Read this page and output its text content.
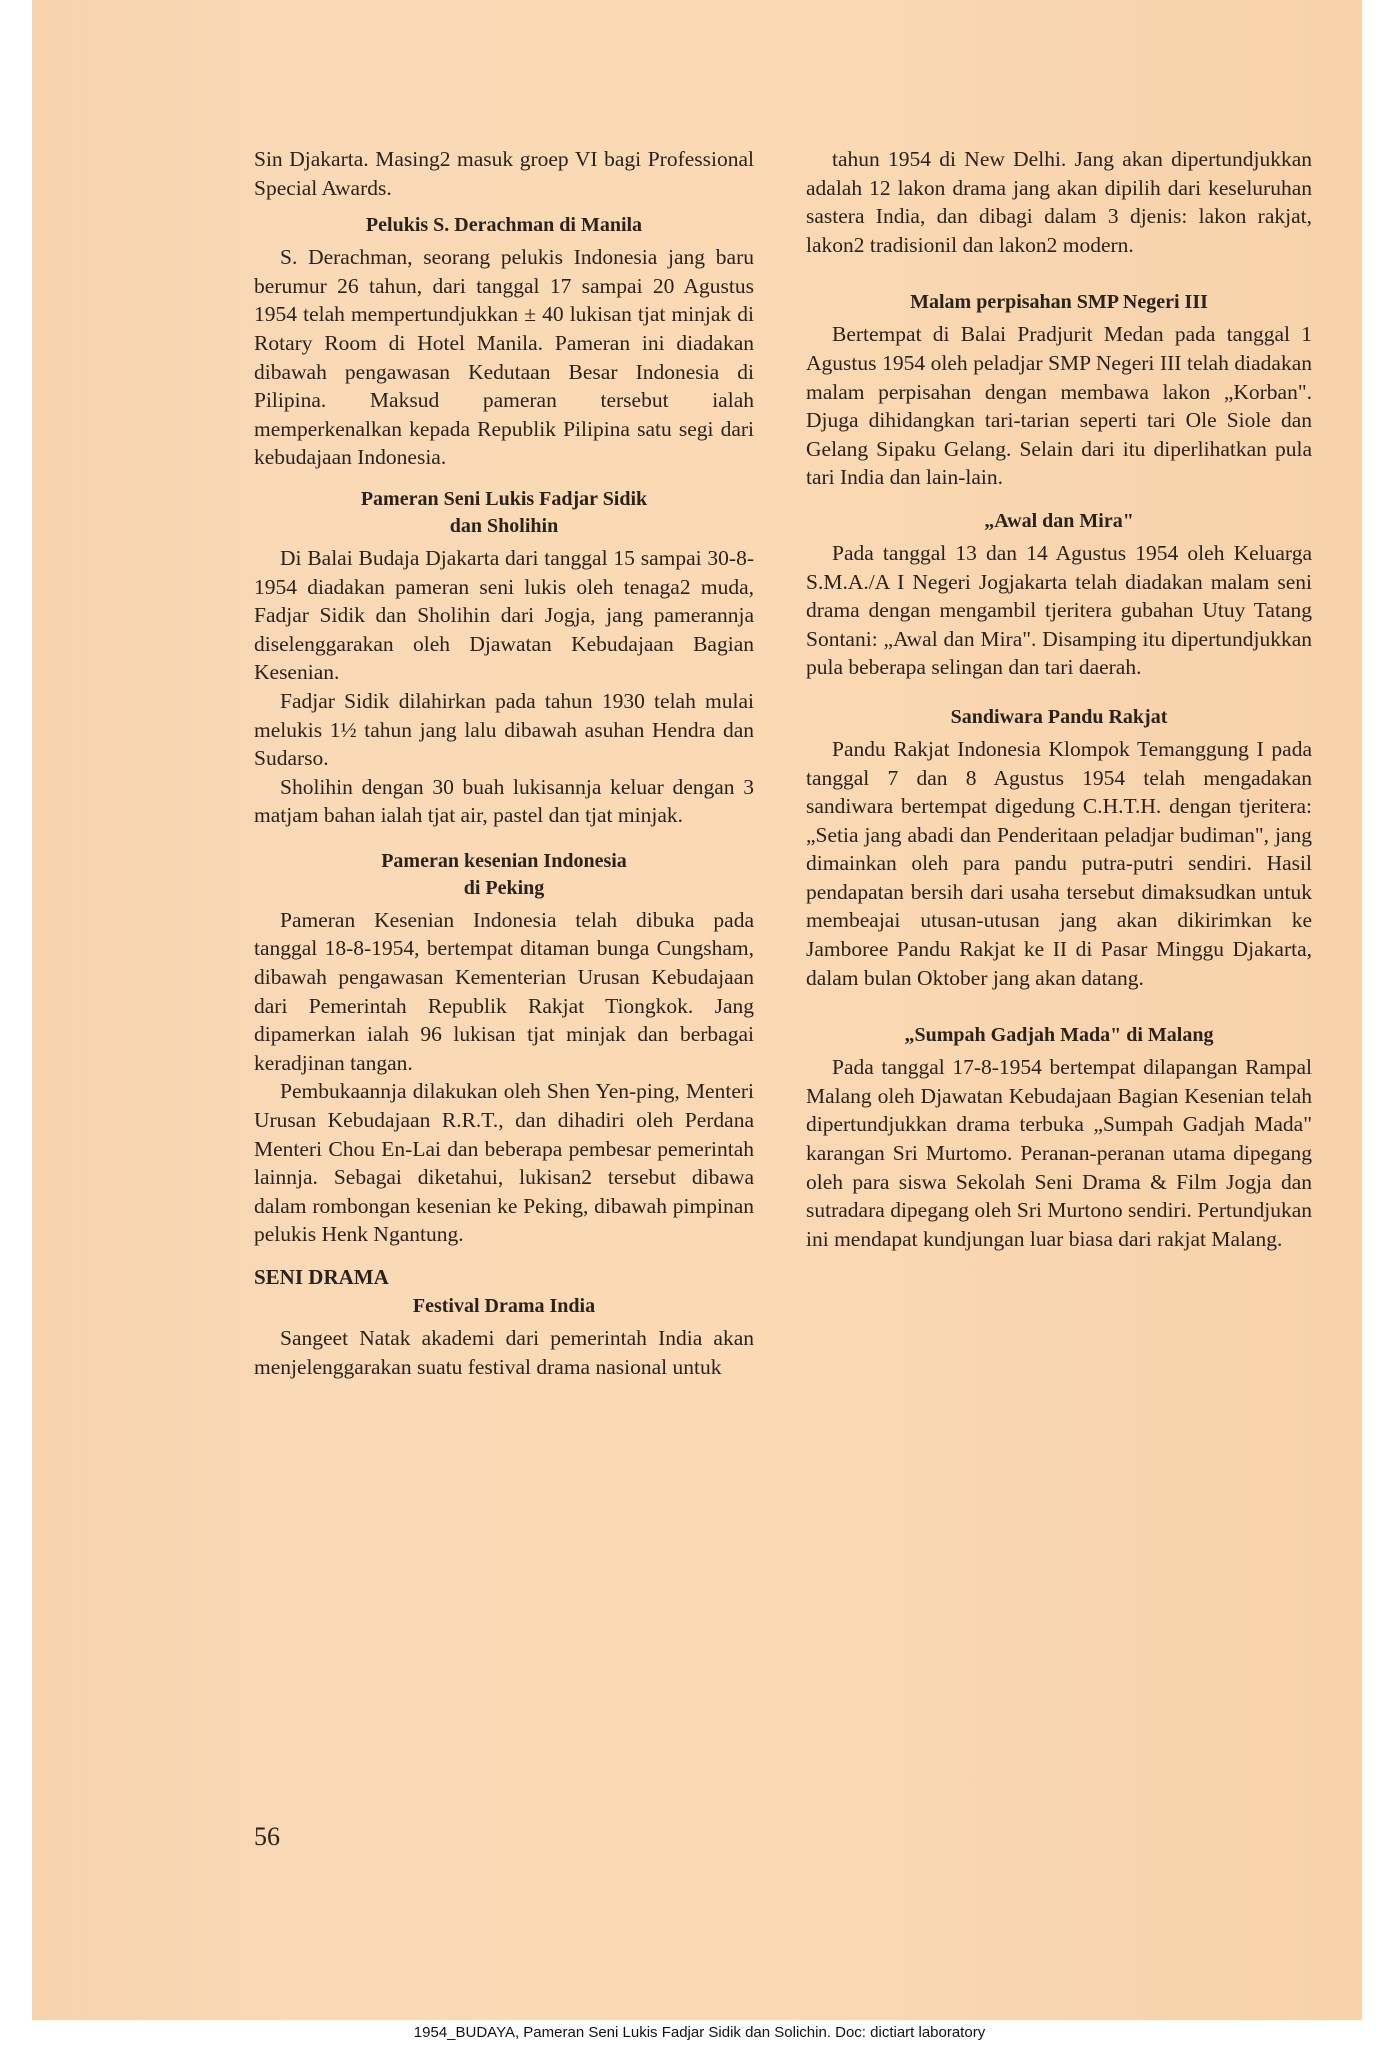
Sin Djakarta. Masing2 masuk groep VI bagi Professional Special Awards.

Pelukis S. Derachman di Manila

S. Derachman, seorang pelukis Indonesia jang baru berumur 26 tahun, dari tanggal 17 sampai 20 Agustus 1954 telah mempertundjukkan ± 40 lukisan tjat minjak di Rotary Room di Hotel Manila. Pameran ini diadakan dibawah pengawasan Kedutaan Besar Indonesia di Pilipina. Maksud pameran tersebut ialah memperkenalkan kepada Republik Pilipina satu segi dari kebudajaan Indonesia.

Pameran Seni Lukis Fadjar Sidik
dan Sholihin

Di Balai Budaja Djakarta dari tanggal 15 sampai 30-8-1954 diadakan pameran seni lukis oleh tenaga2 muda, Fadjar Sidik dan Sholihin dari Jogja, jang pamerannja diselenggarakan oleh Djawatan Kebudajaan Bagian Kesenian.

Fadjar Sidik dilahirkan pada tahun 1930 telah mulai melukis 1½ tahun jang lalu dibawah asuhan Hendra dan Sudarso.

Sholihin dengan 30 buah lukisannja keluar dengan 3 matjam bahan ialah tjat air, pastel dan tjat minjak.

Pameran kesenian Indonesia
di Peking

Pameran Kesenian Indonesia telah dibuka pada tanggal 18-8-1954, bertempat ditaman bunga Cungsham, dibawah pengawasan Kementerian Urusan Kebudajaan dari Pemerintah Republik Rakjat Tiongkok. Jang dipamerkan ialah 96 lukisan tjat minjak dan berbagai keradjinan tangan.

Pembukaannja dilakukan oleh Shen Yen-ping, Menteri Urusan Kebudajaan R.R.T., dan dihadiri oleh Perdana Menteri Chou En-Lai dan beberapa pembesar pemerintah lainnja. Sebagai diketahui, lukisan2 tersebut dibawa dalam rombongan kesenian ke Peking, dibawah pimpinan pelukis Henk Ngantung.

SENI DRAMA
Festival Drama India

Sangeet Natak akademi dari pemerintah India akan menjelenggarakan suatu festival drama nasional untuk

tahun 1954 di New Delhi. Jang akan dipertundjukkan adalah 12 lakon drama jang akan dipilih dari keseluruhan sastera India, dan dibagi dalam 3 djenis: lakon rakjat, lakon2 tradisionil dan lakon2 modern.

Malam perpisahan SMP Negeri III

Bertempat di Balai Pradjurit Medan pada tanggal 1 Agustus 1954 oleh peladjar SMP Negeri III telah diadakan malam perpisahan dengan membawa lakon „Korban". Djuga dihidangkan tari-tarian seperti tari Ole Siole dan Gelang Sipaku Gelang. Selain dari itu diperlihatkan pula tari India dan lain-lain.

„Awal dan Mira"

Pada tanggal 13 dan 14 Agustus 1954 oleh Keluarga S.M.A./A I Negeri Jogjakarta telah diadakan malam seni drama dengan mengambil tjeritera gubahan Utuy Tatang Sontani: „Awal dan Mira". Disamping itu dipertundjukkan pula beberapa selingan dan tari daerah.

Sandiwara Pandu Rakjat

Pandu Rakjat Indonesia Klompok Temanggung I pada tanggal 7 dan 8 Agustus 1954 telah mengadakan sandiwara bertempat digedung C.H.T.H. dengan tjeritera: „Setia jang abadi dan Penderitaan peladjar budiman", jang dimainkan oleh para pandu putra-putri sendiri. Hasil pendapatan bersih dari usaha tersebut dimaksudkan untuk membeajai utusan-utusan jang akan dikirimkan ke Jamboree Pandu Rakjat ke II di Pasar Minggu Djakarta, dalam bulan Oktober jang akan datang.

„Sumpah Gadjah Mada" di Malang

Pada tanggal 17-8-1954 bertempat dilapangan Rampal Malang oleh Djawatan Kebudajaan Bagian Kesenian telah dipertundjukkan drama terbuka „Sumpah Gadjah Mada" karangan Sri Murtomo. Peranan-peranan utama dipegang oleh para siswa Sekolah Seni Drama & Film Jogja dan sutradara dipegang oleh Sri Murtono sendiri. Pertundjukan ini mendapat kundjungan luar biasa dari rakjat Malang.

56
1954_BUDAYA, Pameran Seni Lukis Fadjar Sidik dan Solichin. Doc: dictiart laboratory
